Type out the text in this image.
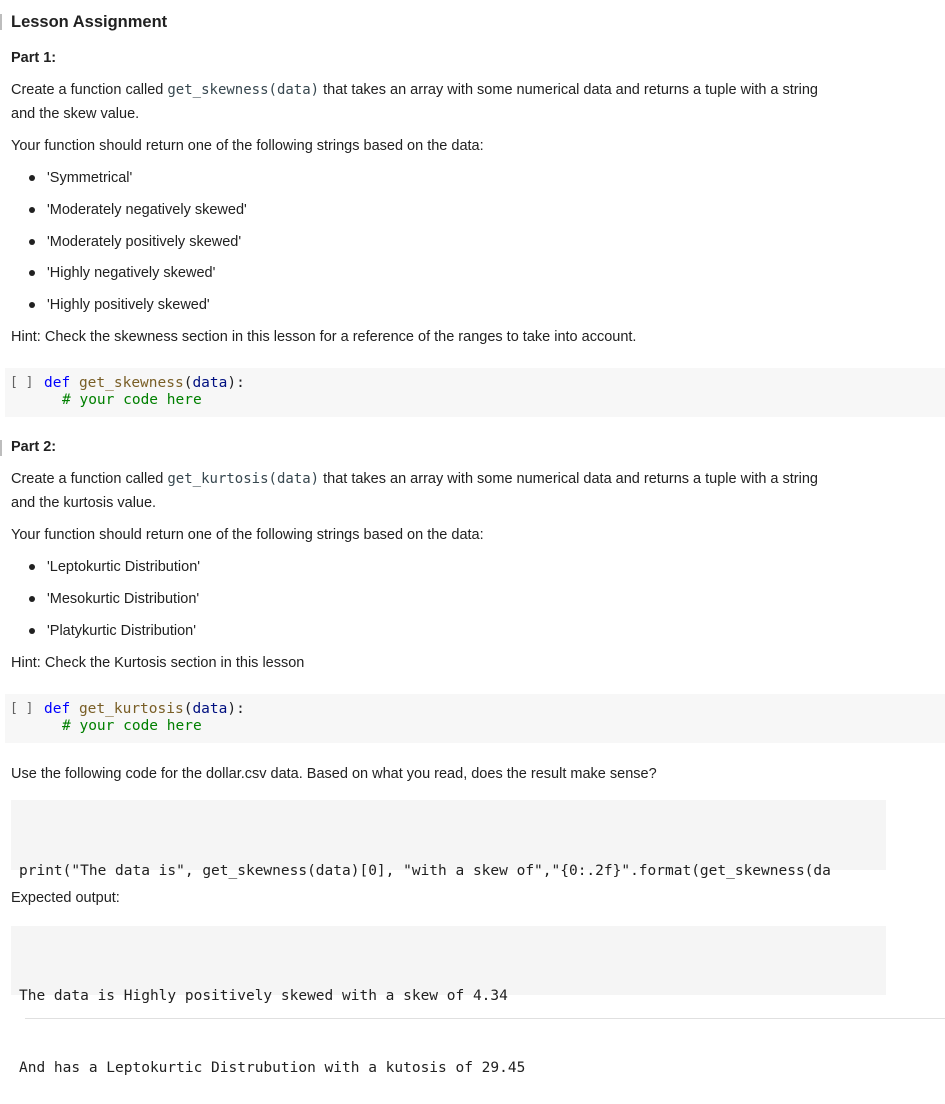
Lesson Assignment
Part 1:
Create a function called get_skewness(data) that takes an array with some numerical data and returns a tuple with a string
and the skew value.
Your function should return one of the following strings based on the data:
'Symmetrical'
'Moderately negatively skewed'
'Moderately positively skewed'
'Highly negatively skewed'
'Highly positively skewed'
Hint: Check the skewness section in this lesson for a reference of the ranges to take into account.
[ ] def get_skewness(data):
# your code here
Part 2:
Create a function called get_kurtosis(data) that takes an array with some numerical data and returns a tuple with a string
and the kurtosis value.
Your function should return one of the following strings based on the data:
'Leptokurtic Distribution'
'Mesokurtic Distribution'
'Platykurtic Distribution'
Hint: Check the Kurtosis section in this lesson
[ ] def get_kurtosis(data):
# your code here
Use the following code for the dollar.csv data. Based on what you read, does the result make sense?

print("The data is", get_skewness(data)[0], "with a skew of","{0:.2f}".format(get_skewness(da

Expected output:

The data is Highly positively skewed with a skew of 4.34

And has a Leptokurtic Distrubution with a kutosis of 29.45
